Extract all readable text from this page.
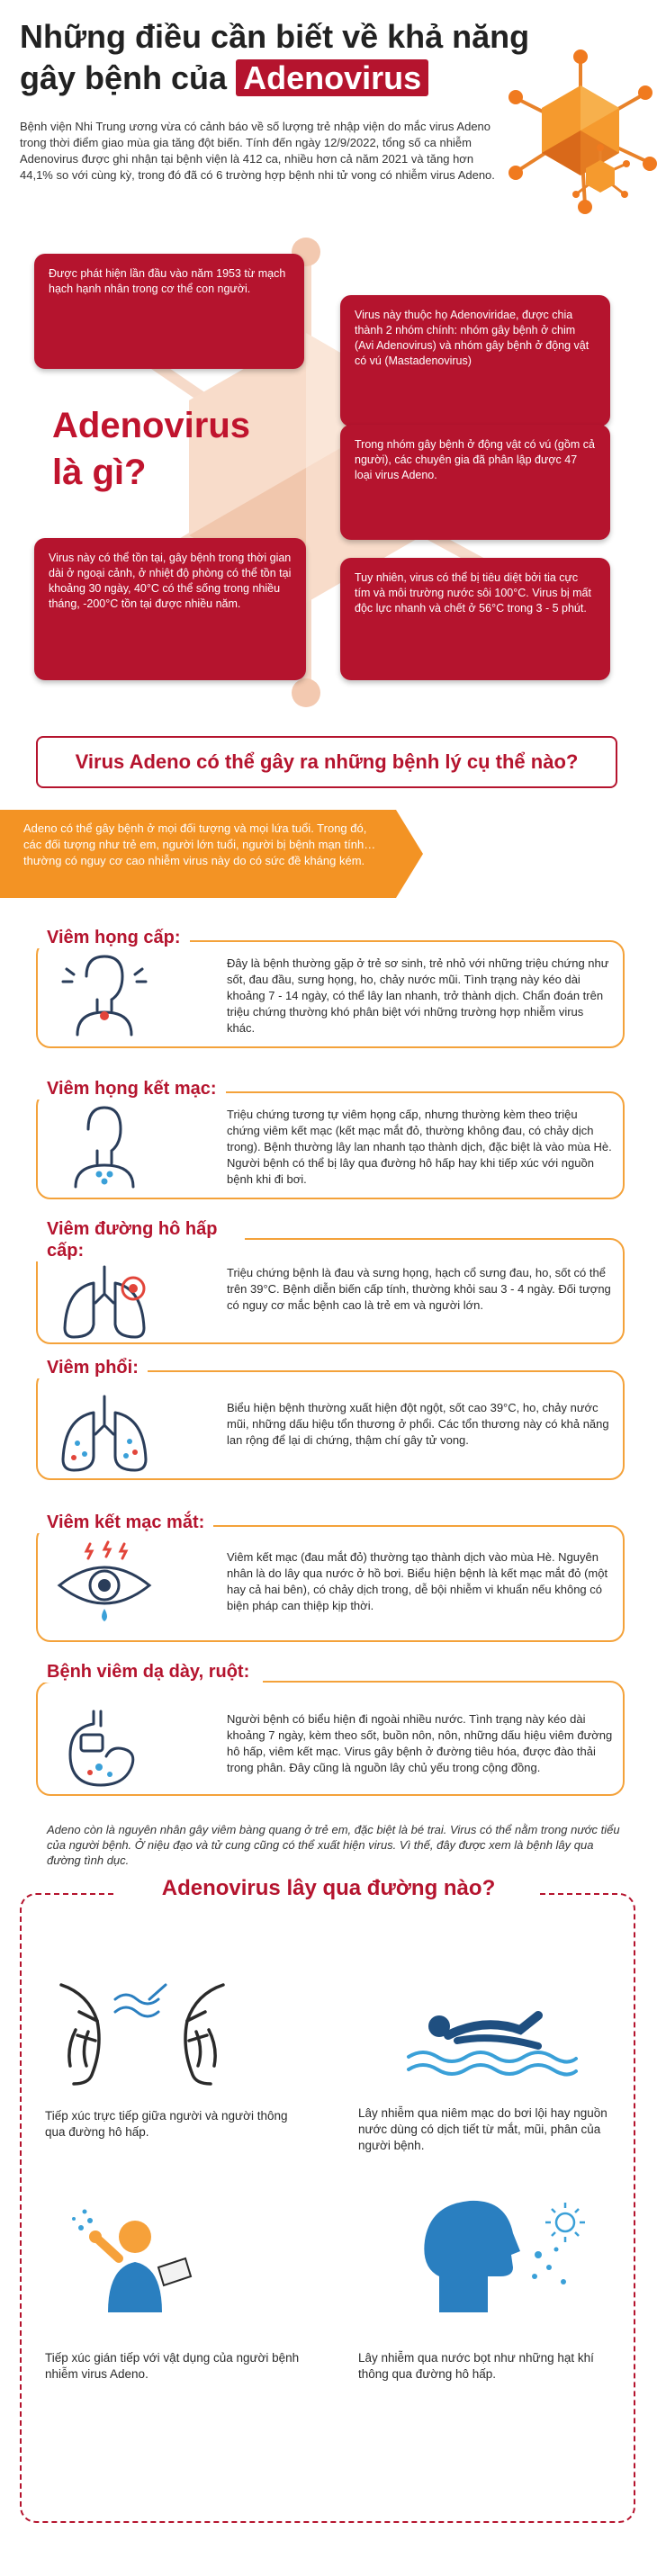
Những điều cần biết về khả năng
gây bệnh của Adenovirus
Bệnh viện Nhi Trung ương vừa có cảnh báo về số lượng trẻ nhập viện do mắc virus Adeno trong thời điểm giao mùa gia tăng đột biến. Tính đến ngày 12/9/2022, tổng số ca nhiễm Adenovirus được ghi nhận tại bệnh viện là 412 ca, nhiều hơn cả năm 2021 và tăng hơn 44,1% so với cùng kỳ, trong đó đã có 6 trường hợp bệnh nhi tử vong có nhiễm virus Adeno.
Được phát hiện lần đầu vào năm 1953 từ mạch hạch hạnh nhân trong cơ thể con người.
Virus này thuộc họ Adenoviridae, được chia thành 2 nhóm chính: nhóm gây bệnh ở chim (Avi Adenovirus) và nhóm gây bệnh ở động vật có vú (Mastadenovirus)
Trong nhóm gây bệnh ở động vật có vú (gồm cả người), các chuyên gia đã phân lập được 47 loại virus Adeno.
Virus này có thể tồn tại, gây bệnh trong thời gian dài ở ngoại cảnh, ở nhiệt độ phòng có thể tồn tại khoảng 30 ngày, 40°C có thể sống trong nhiều tháng, -200°C tồn tại được nhiều năm.
Tuy nhiên, virus có thể bị tiêu diệt bởi tia cực tím và môi trường nước sôi 100°C. Virus bị mất độc lực nhanh và chết ở 56°C trong 3 - 5 phút.
Adenovirus
là gì?
Virus Adeno có thể gây ra những bệnh lý cụ thể nào?
Adeno có thể gây bệnh ở mọi đối tượng và mọi lứa tuổi. Trong đó, các đối tượng như trẻ em, người lớn tuổi, người bị bệnh mạn tính… thường có nguy cơ cao nhiễm virus này do có sức đề kháng kém.
Viêm họng cấp:
Đây là bệnh thường gặp ở trẻ sơ sinh, trẻ nhỏ với những triệu chứng như sốt, đau đầu, sưng họng, ho, chảy nước mũi. Tình trạng này kéo dài khoảng 7 - 14 ngày, có thể lây lan nhanh, trở thành dịch. Chẩn đoán trên triệu chứng thường khó phân biệt với những trường hợp nhiễm virus khác.
Viêm họng kết mạc:
Triệu chứng tương tự viêm họng cấp, nhưng thường kèm theo triệu chứng viêm kết mạc (kết mạc mắt đỏ, thường không đau, có chảy dịch trong). Bệnh thường lây lan nhanh tạo thành dịch, đặc biệt là vào mùa Hè. Người bệnh có thể bị lây qua đường hô hấp hay khi tiếp xúc với nguồn bệnh khi đi bơi.
Viêm đường hô hấp cấp:
Triệu chứng bệnh là đau và sưng họng, hạch cổ sưng đau, ho, sốt có thể trên 39°C. Bệnh diễn biến cấp tính, thường khỏi sau 3 - 4 ngày. Đối tượng có nguy cơ mắc bệnh cao là trẻ em và người lớn.
Viêm phổi:
Biểu hiện bệnh thường xuất hiện đột ngột, sốt cao 39°C, ho, chảy nước mũi, những dấu hiệu tổn thương ở phổi. Các tổn thương này có khả năng lan rộng để lại di chứng, thậm chí gây tử vong.
Viêm kết mạc mắt:
Viêm kết mạc (đau mắt đỏ) thường tạo thành dịch vào mùa Hè. Nguyên nhân là do lây qua nước ở hồ bơi. Biểu hiện bệnh là kết mạc mắt đỏ (một hay cả hai bên), có chảy dịch trong, dễ bội nhiễm vi khuẩn nếu không có biện pháp can thiệp kịp thời.
Bệnh viêm dạ dày, ruột:
Người bệnh có biểu hiện đi ngoài nhiều nước. Tình trạng này kéo dài khoảng 7 ngày, kèm theo sốt, buồn nôn, nôn, những dấu hiệu viêm đường hô hấp, viêm kết mạc. Virus gây bệnh ở đường tiêu hóa, được đào thải trong phân. Đây cũng là nguồn lây chủ yếu trong cộng đồng.
Adeno còn là nguyên nhân gây viêm bàng quang ở trẻ em, đặc biệt là bé trai. Virus có thể nằm trong nước tiểu của người bệnh. Ở niệu đạo và tử cung cũng có thể xuất hiện virus. Vì thế, đây được xem là bệnh lây qua đường tình dục.
Adenovirus lây qua đường nào?
Tiếp xúc trực tiếp giữa người và người thông qua đường hô hấp.
Lây nhiễm qua niêm mạc do bơi lội hay nguồn nước dùng có dịch tiết từ mắt, mũi, phân của người bệnh.
Tiếp xúc gián tiếp với vật dụng của người bệnh nhiễm virus Adeno.
Lây nhiễm qua nước bọt như những hạt khí thông qua đường hô hấp.
